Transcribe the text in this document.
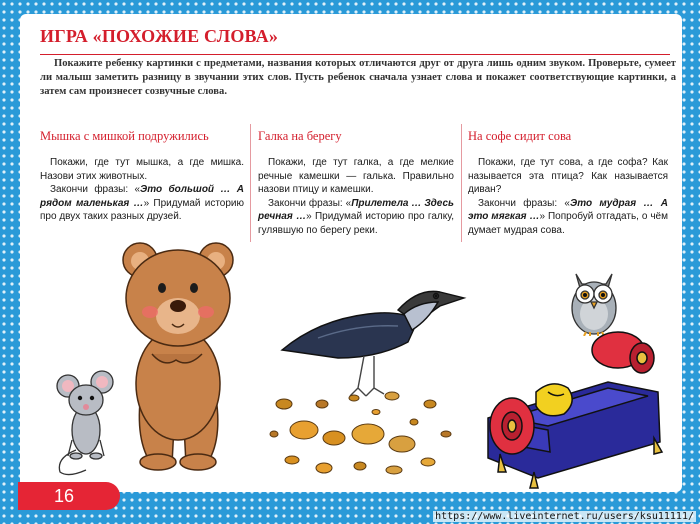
ИГРА «ПОХОЖИЕ СЛОВА»

Покажите ребенку картинки с предметами, названия которых отличаются друг от друга лишь одним звуком. Проверьте, сумеет ли малыш заметить разницу в звучании этих слов. Пусть ребенок сначала узнает слова и покажет соответствующие картинки, а затем сам произнесет созвучные слова.

Мышка с мишкой подружились

Покажи, где тут мышка, а где мишка. Назови этих животных.

Закончи фразы: «Это большой … А рядом маленькая …» Придумай историю про двух таких разных друзей.

Галка на берегу

Покажи, где тут галка, а где мелкие речные камешки — галька. Правильно назови птицу и камешки.

Закончи фразы: «Прилетела … Здесь речная …» Придумай историю про галку, гулявшую по берегу реки.

На софе сидит сова

Покажи, где тут сова, а где софа? Как называется эта птица? Как называется диван?

Закончи фразы: «Это мудрая … А это мягкая …» Попробуй отгадать, о чём думает мудрая сова.

16
https://www.liveinternet.ru/users/ksu11111/
